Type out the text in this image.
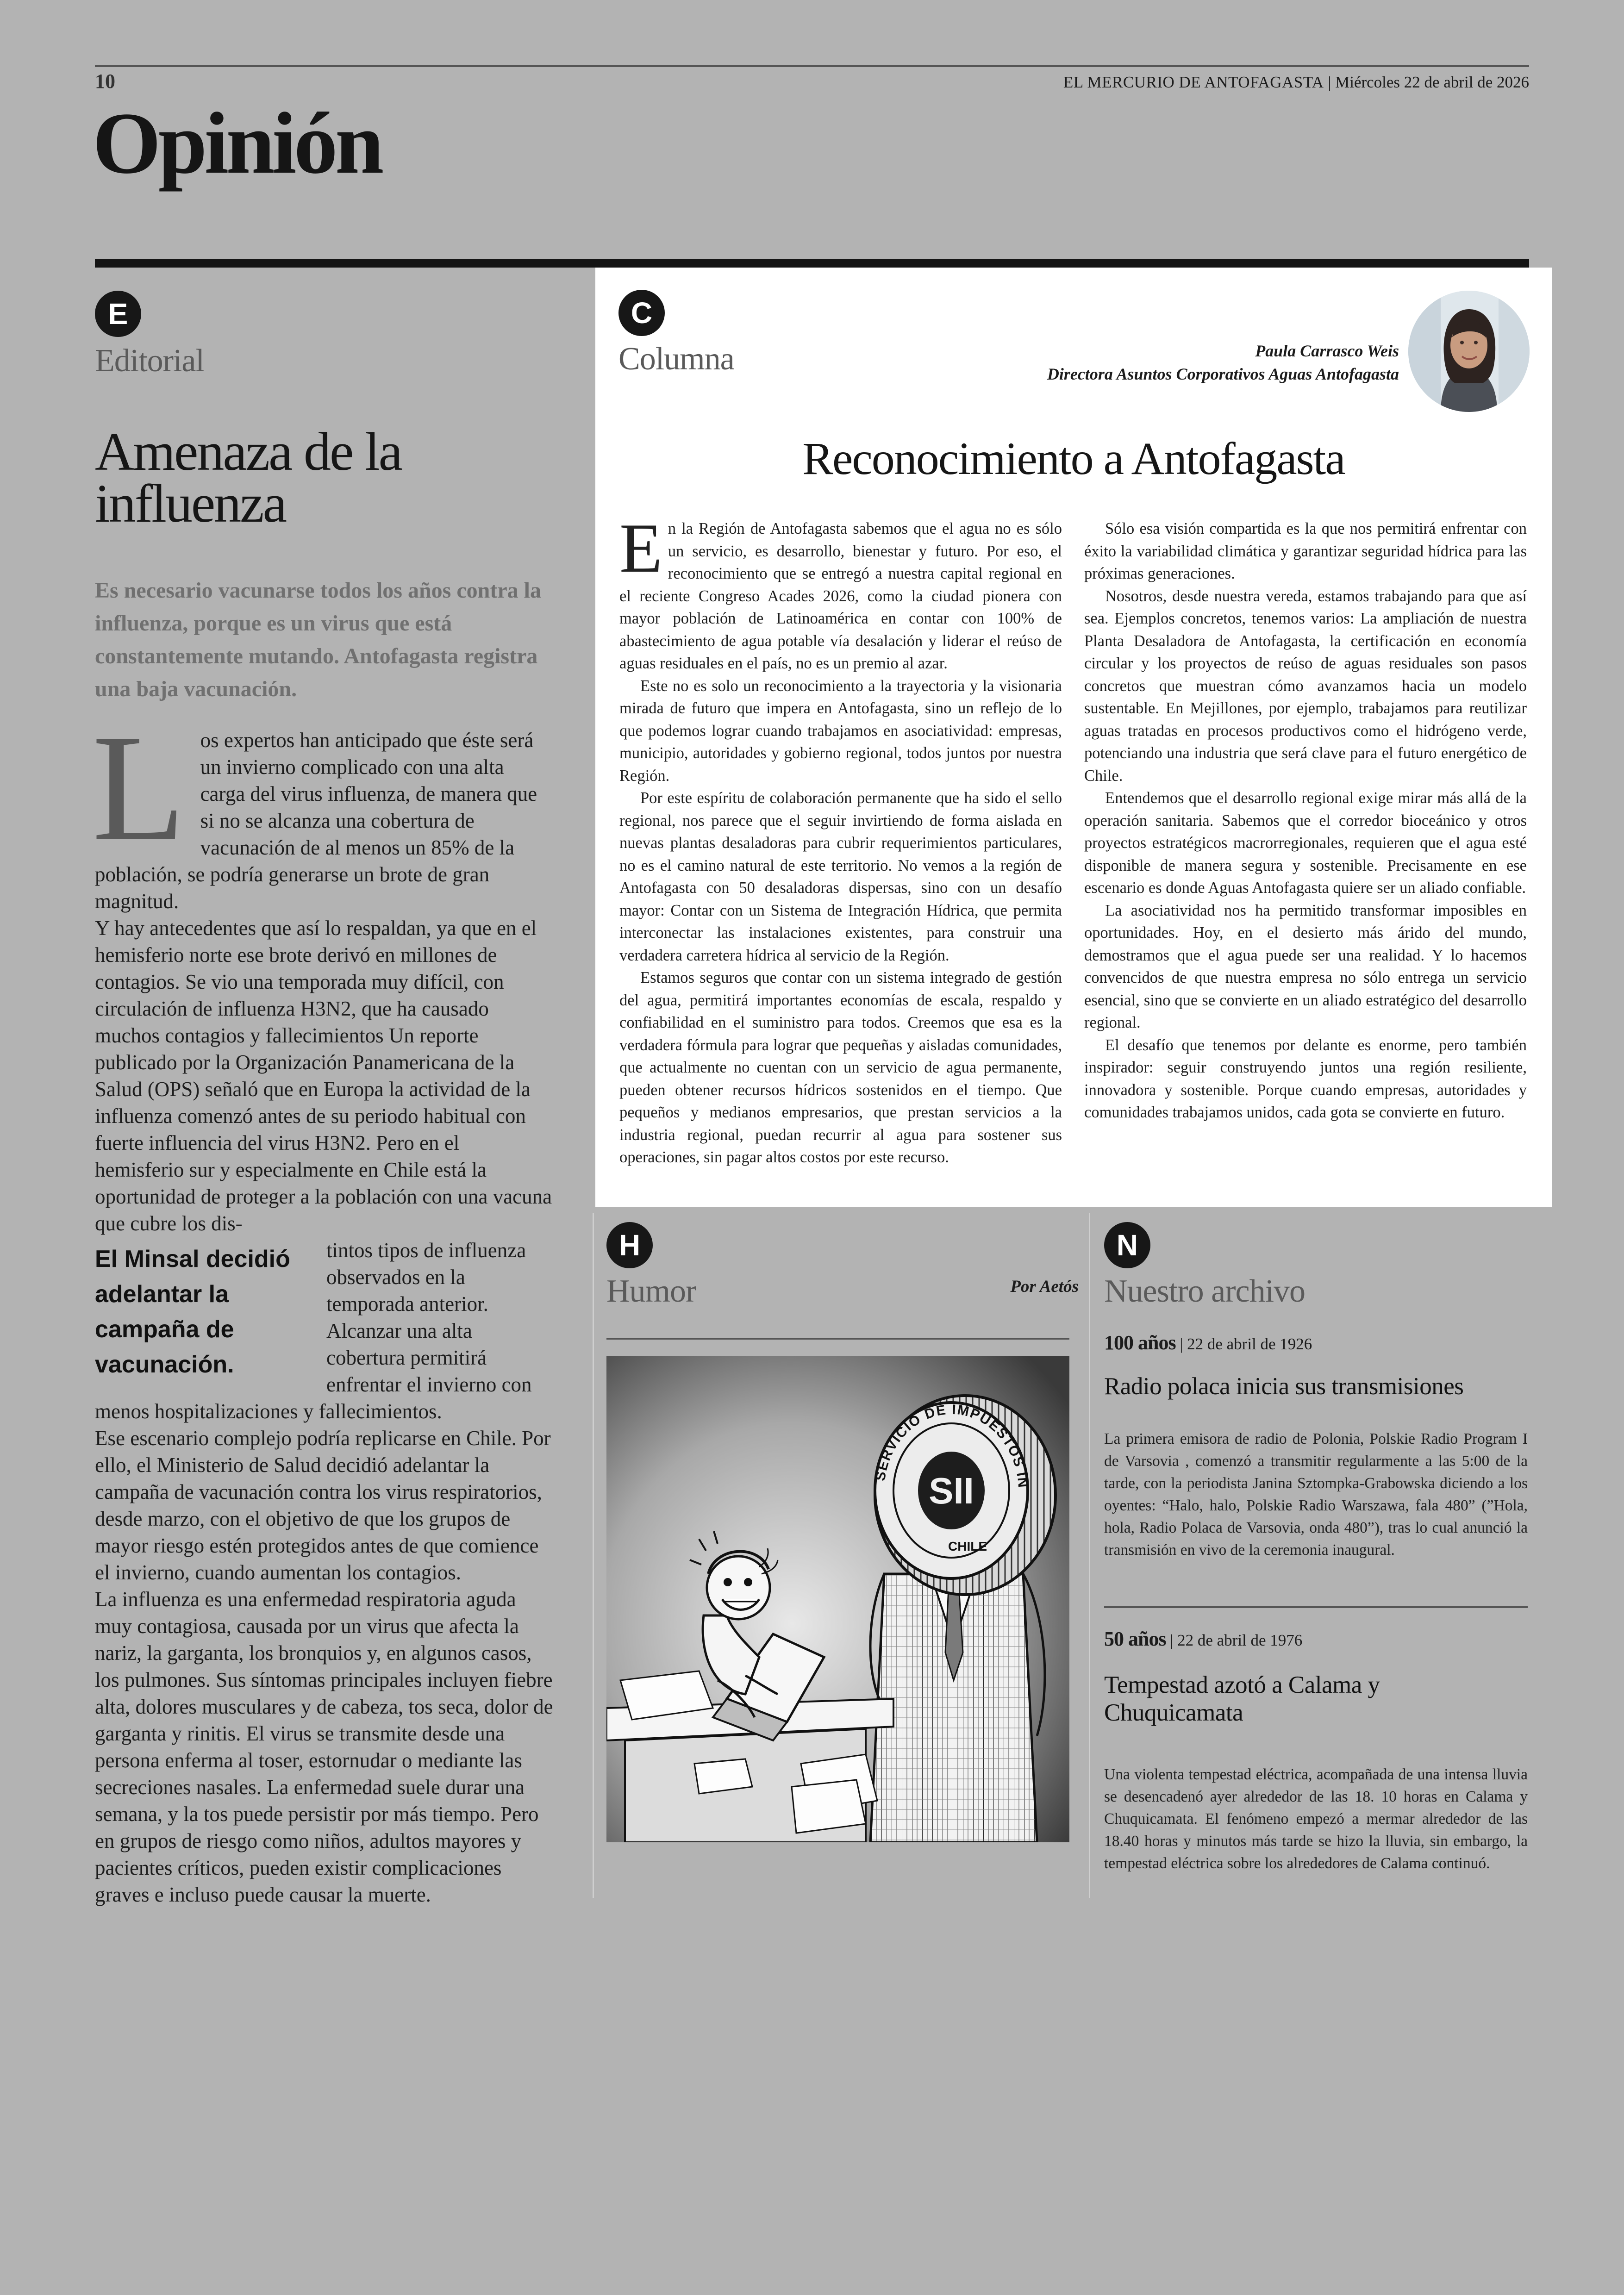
10	EL MERCURIO DE ANTOFAGASTA | Miércoles 22 de abril de 2026
Opinión
E
Editorial
Amenaza de la influenza
Es necesario vacunarse todos los años contra la influenza, porque es un virus que está constantemente mutando. Antofagasta registra una baja vacunación.

Los expertos han anticipado que éste será un invierno complicado con una alta carga del virus influenza, de manera que si no se alcanza una cobertura de vacunación de al menos un 85% de la población, se podría generarse un brote de gran magnitud.

Y hay antecedentes que así lo respaldan, ya que en el hemisferio norte ese brote derivó en millones de contagios. Se vio una temporada muy difícil, con circulación de influenza H3N2, que ha causado muchos contagios y fallecimientos Un reporte publicado por la Organización Panamericana de la Salud (OPS) señaló que en Europa la actividad de la influenza comenzó antes de su periodo habitual con fuerte influencia del virus H3N2. Pero en el hemisferio sur y especialmente en Chile está la oportunidad de proteger a la población con una vacuna que cubre los dis-

El Minsal decidió adelantar la campaña de vacunación.
tintos tipos de influenza observados en la temporada anterior. Alcanzar una alta cobertura permitirá enfrentar el invierno con menos hospitalizaciones y fallecimientos.

Ese escenario complejo podría replicarse en Chile. Por ello, el Ministerio de Salud decidió adelantar la campaña de vacunación contra los virus respiratorios, desde marzo, con el objetivo de que los grupos de mayor riesgo estén protegidos antes de que comience el invierno, cuando aumentan los contagios.

La influenza es una enfermedad respiratoria aguda muy contagiosa, causada por un virus que afecta la nariz, la garganta, los bronquios y, en algunos casos, los pulmones. Sus síntomas principales incluyen fiebre alta, dolores musculares y de cabeza, tos seca, dolor de garganta y rinitis. El virus se transmite desde una persona enferma al toser, estornudar o mediante las secreciones nasales. La enfermedad suele durar una semana, y la tos puede persistir por más tiempo. Pero en grupos de riesgo como niños, adultos mayores y pacientes críticos, pueden existir complicaciones graves e incluso puede causar la muerte.

C
Columna	Paula Carrasco Weis
Directora Asuntos Corporativos Aguas Antofagasta
Reconocimiento a Antofagasta

En la Región de Antofagasta sabemos que el agua no es sólo un servicio, es desarrollo, bienestar y futuro. Por eso, el reconocimiento que se entregó a nuestra capital regional en el reciente Congreso Acades 2026, como la ciudad pionera con mayor población de Latinoamérica en contar con 100% de abastecimiento de agua potable vía desalación y liderar el reúso de aguas residuales en el país, no es un premio al azar.

Este no es solo un reconocimiento a la trayectoria y la visionaria mirada de futuro que impera en Antofagasta, sino un reflejo de lo que podemos lograr cuando trabajamos en asociatividad: empresas, municipio, autoridades y gobierno regional, todos juntos por nuestra Región.

Por este espíritu de colaboración permanente que ha sido el sello regional, nos parece que el seguir invirtiendo de forma aislada en nuevas plantas desaladoras para cubrir requerimientos particulares, no es el camino natural de este territorio. No vemos a la región de Antofagasta con 50 desaladoras dispersas, sino con un desafío mayor: Contar con un Sistema de Integración Hídrica, que permita interconectar las instalaciones existentes, para construir una verdadera carretera hídrica al servicio de la Región.

Estamos seguros que contar con un sistema integrado de gestión del agua, permitirá importantes economías de escala, respaldo y confiabilidad en el suministro para todos. Creemos que esa es la verdadera fórmula para lograr que pequeñas y aisladas comunidades, que actualmente no cuentan con un servicio de agua permanente, pueden obtener recursos hídricos sostenidos en el tiempo. Que pequeños y medianos empresarios, que prestan servicios a la industria regional, puedan recurrir al agua para sostener sus operaciones, sin pagar altos costos por este recurso.

Sólo esa visión compartida es la que nos permitirá enfrentar con éxito la variabilidad climática y garantizar seguridad hídrica para las próximas generaciones.

Nosotros, desde nuestra vereda, estamos trabajando para que así sea. Ejemplos concretos, tenemos varios: La ampliación de nuestra Planta Desaladora de Antofagasta, la certificación en economía circular y los proyectos de reúso de aguas residuales son pasos concretos que muestran cómo avanzamos hacia un modelo sustentable. En Mejillones, por ejemplo, trabajamos para reutilizar aguas tratadas en procesos productivos como el hidrógeno verde, potenciando una industria que será clave para el futuro energético de Chile.

Entendemos que el desarrollo regional exige mirar más allá de la operación sanitaria. Sabemos que el corredor bioceánico y otros proyectos estratégicos macrorregionales, requieren que el agua esté disponible de manera segura y sostenible. Precisamente en ese escenario es donde Aguas Antofagasta quiere ser un aliado confiable.

La asociatividad nos ha permitido transformar imposibles en oportunidades. Hoy, en el desierto más árido del mundo, demostramos que el agua puede ser una realidad. Y lo hacemos convencidos de que nuestra empresa no sólo entrega un servicio esencial, sino que se convierte en un aliado estratégico del desarrollo regional.

El desafío que tenemos por delante es enorme, pero también inspirador: seguir construyendo juntos una región resiliente, innovadora y sostenible. Porque cuando empresas, autoridades y comunidades trabajamos unidos, cada gota se convierte en futuro.

H
Humor	Por Aetós
SII
SERVICIO DE IMPUESTOS IN
CHILE
N
Nuestro archivo
100 años | 22 de abril de 1926
Radio polaca inicia sus transmisiones
La primera emisora de radio de Polonia, Polskie Radio Program I de Varsovia , comenzó a transmitir regularmente a las 5:00 de la tarde, con la periodista Janina Sztompka-Grabowska diciendo a los oyentes: “Halo, halo, Polskie Radio Warszawa, fala 480” (”Hola, hola, Radio Polaca de Varsovia, onda 480”), tras lo cual anunció la transmisión en vivo de la ceremonia inaugural.
50 años | 22 de abril de 1976
Tempestad azotó a Calama y Chuquicamata
Una violenta tempestad eléctrica, acompañada de una intensa lluvia se desencadenó ayer alrededor de las 18. 10 horas en Calama y Chuquicamata. El fenómeno empezó a mermar alrededor de las 18.40 horas y minutos más tarde se hizo la lluvia, sin embargo, la tempestad eléctrica sobre los alrededores de Calama continuó.
